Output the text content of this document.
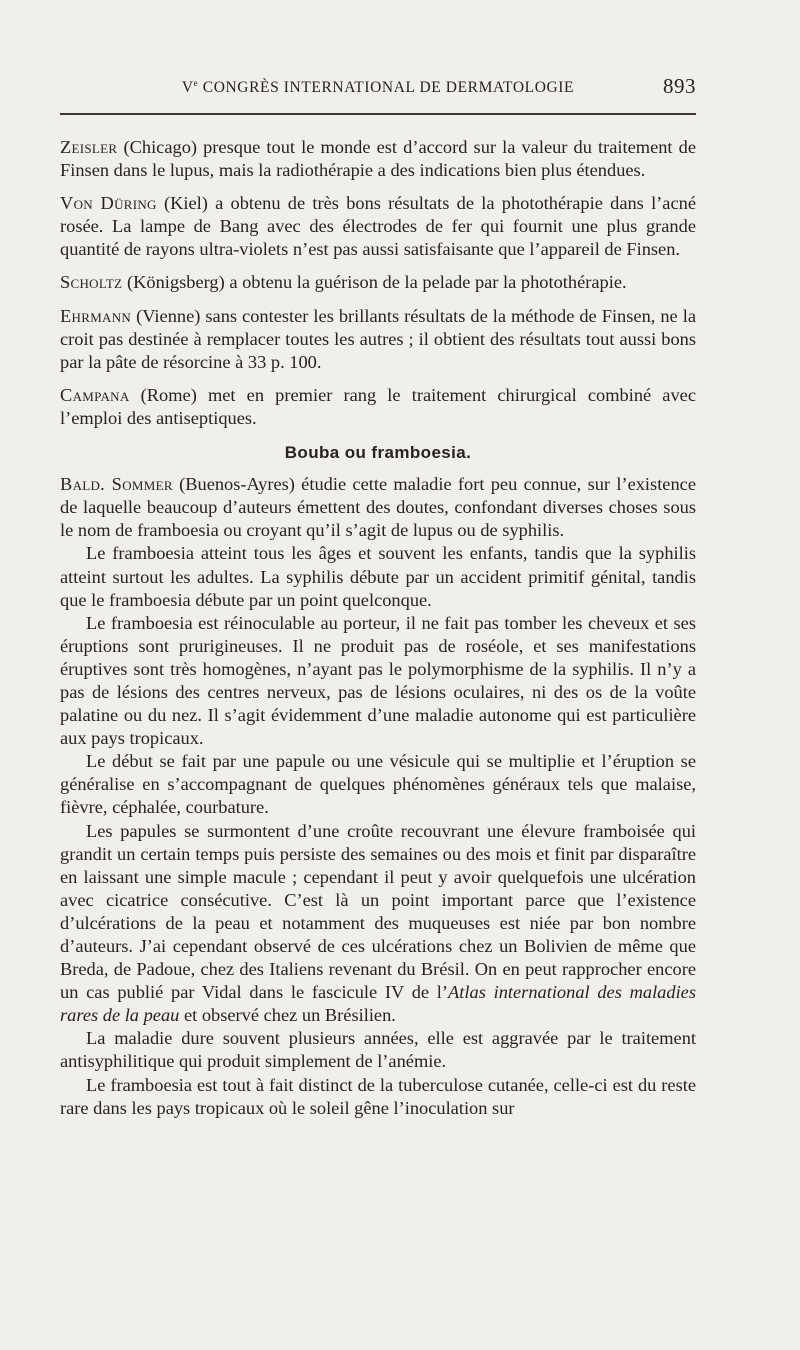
Ve CONGRÈS INTERNATIONAL DE DERMATOLOGIE	893

Zeisler (Chicago) presque tout le monde est d’accord sur la valeur du traitement de Finsen dans le lupus, mais la radiothérapie a des indications bien plus étendues.

Von Düring (Kiel) a obtenu de très bons résultats de la photothérapie dans l’acné rosée. La lampe de Bang avec des électrodes de fer qui fournit une plus grande quantité de rayons ultra-violets n’est pas aussi satisfaisante que l’appareil de Finsen.

Scholtz (Königsberg) a obtenu la guérison de la pelade par la photothérapie.

Ehrmann (Vienne) sans contester les brillants résultats de la méthode de Finsen, ne la croit pas destinée à remplacer toutes les autres ; il obtient des résultats tout aussi bons par la pâte de résorcine à 33 p. 100.

Campana (Rome) met en premier rang le traitement chirurgical combiné avec l’emploi des antiseptiques.

Bouba ou framboesia.

Bald. Sommer (Buenos-Ayres) étudie cette maladie fort peu connue, sur l’existence de laquelle beaucoup d’auteurs émettent des doutes, confondant diverses choses sous le nom de framboesia ou croyant qu’il s’agit de lupus ou de syphilis.

Le framboesia atteint tous les âges et souvent les enfants, tandis que la syphilis atteint surtout les adultes. La syphilis débute par un accident primitif génital, tandis que le framboesia débute par un point quelconque.

Le framboesia est réinoculable au porteur, il ne fait pas tomber les cheveux et ses éruptions sont prurigineuses. Il ne produit pas de roséole, et ses manifestations éruptives sont très homogènes, n’ayant pas le polymorphisme de la syphilis. Il n’y a pas de lésions des centres nerveux, pas de lésions oculaires, ni des os de la voûte palatine ou du nez. Il s’agit évidemment d’une maladie autonome qui est particulière aux pays tropicaux.

Le début se fait par une papule ou une vésicule qui se multiplie et l’éruption se généralise en s’accompagnant de quelques phénomènes généraux tels que malaise, fièvre, céphalée, courbature.

Les papules se surmontent d’une croûte recouvrant une élevure framboisée qui grandit un certain temps puis persiste des semaines ou des mois et finit par disparaître en laissant une simple macule ; cependant il peut y avoir quelquefois une ulcération avec cicatrice consécutive. C’est là un point important parce que l’existence d’ulcérations de la peau et notamment des muqueuses est niée par bon nombre d’auteurs. J’ai cependant observé de ces ulcérations chez un Bolivien de même que Breda, de Padoue, chez des Italiens revenant du Brésil. On en peut rapprocher encore un cas publié par Vidal dans le fascicule IV de l’Atlas international des maladies rares de la peau et observé chez un Brésilien.

La maladie dure souvent plusieurs années, elle est aggravée par le traitement antisyphilitique qui produit simplement de l’anémie.

Le framboesia est tout à fait distinct de la tuberculose cutanée, celle-ci est du reste rare dans les pays tropicaux où le soleil gêne l’inoculation sur
